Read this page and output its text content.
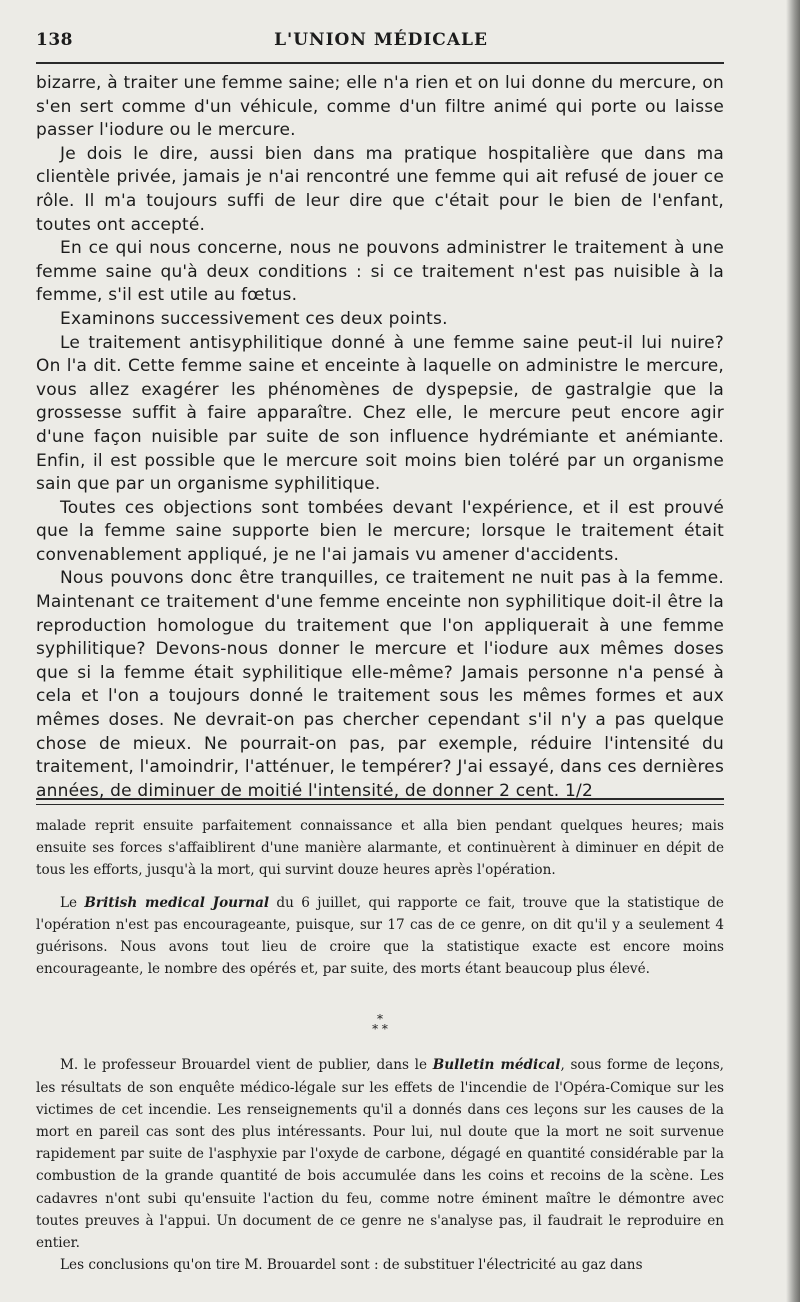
138	L'UNION MÉDICALE

bizarre, à traiter une femme saine; elle n'a rien et on lui donne du mercure, on s'en sert comme d'un véhicule, comme d'un filtre animé qui porte ou laisse passer l'iodure ou le mercure.

Je dois le dire, aussi bien dans ma pratique hospitalière que dans ma clientèle privée, jamais je n'ai rencontré une femme qui ait refusé de jouer ce rôle. Il m'a toujours suffi de leur dire que c'était pour le bien de l'enfant, toutes ont accepté.

En ce qui nous concerne, nous ne pouvons administrer le traitement à une femme saine qu'à deux conditions : si ce traitement n'est pas nuisible à la femme, s'il est utile au fœtus.

Examinons successivement ces deux points.

Le traitement antisyphilitique donné à une femme saine peut-il lui nuire? On l'a dit. Cette femme saine et enceinte à laquelle on administre le mercure, vous allez exagérer les phénomènes de dyspepsie, de gastralgie que la grossesse suffit à faire apparaître. Chez elle, le mercure peut encore agir d'une façon nuisible par suite de son influence hydrémiante et anémiante. Enfin, il est possible que le mercure soit moins bien toléré par un organisme sain que par un organisme syphilitique.

Toutes ces objections sont tombées devant l'expérience, et il est prouvé que la femme saine supporte bien le mercure; lorsque le traitement était convenablement appliqué, je ne l'ai jamais vu amener d'accidents.

Nous pouvons donc être tranquilles, ce traitement ne nuit pas à la femme. Maintenant ce traitement d'une femme enceinte non syphilitique doit-il être la reproduction homologue du traitement que l'on appliquerait à une femme syphilitique? Devons-nous donner le mercure et l'iodure aux mêmes doses que si la femme était syphilitique elle-même? Jamais personne n'a pensé à cela et l'on a toujours donné le traitement sous les mêmes formes et aux mêmes doses. Ne devrait-on pas chercher cependant s'il n'y a pas quelque chose de mieux. Ne pourrait-on pas, par exemple, réduire l'intensité du traitement, l'amoindrir, l'atténuer, le tempérer? J'ai essayé, dans ces dernières années, de diminuer de moitié l'intensité, de donner 2 cent. 1/2

malade reprit ensuite parfaitement connaissance et alla bien pendant quelques heures; mais ensuite ses forces s'affaiblirent d'une manière alarmante, et continuèrent à diminuer en dépit de tous les efforts, jusqu'à la mort, qui survint douze heures après l'opération.

Le British medical Journal du 6 juillet, qui rapporte ce fait, trouve que la statistique de l'opération n'est pas encourageante, puisque, sur 17 cas de ce genre, on dit qu'il y a seulement 4 guérisons. Nous avons tout lieu de croire que la statistique exacte est encore moins encourageante, le nombre des opérés et, par suite, des morts étant beaucoup plus élevé.

*
* *

M. le professeur Brouardel vient de publier, dans le Bulletin médical, sous forme de leçons, les résultats de son enquête médico-légale sur les effets de l'incendie de l'Opéra-Comique sur les victimes de cet incendie. Les renseignements qu'il a donnés dans ces leçons sur les causes de la mort en pareil cas sont des plus intéressants. Pour lui, nul doute que la mort ne soit survenue rapidement par suite de l'asphyxie par l'oxyde de carbone, dégagé en quantité considérable par la combustion de la grande quantité de bois accumulée dans les coins et recoins de la scène. Les cadavres n'ont subi qu'ensuite l'action du feu, comme notre éminent maître le démontre avec toutes preuves à l'appui. Un document de ce genre ne s'analyse pas, il faudrait le reproduire en entier.

Les conclusions qu'on tire M. Brouardel sont : de substituer l'électricité au gaz dans
